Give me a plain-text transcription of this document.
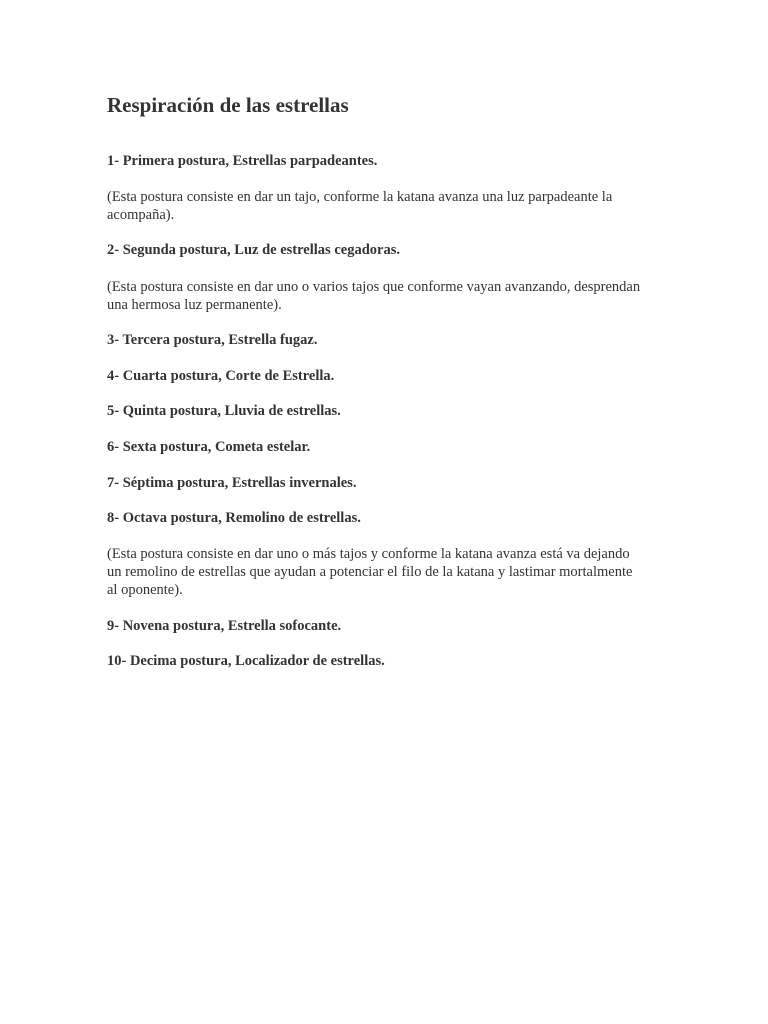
Respiración de las estrellas

1- Primera postura, Estrellas parpadeantes.

(Esta postura consiste en dar un tajo, conforme la katana avanza una luz parpadeante la
acompaña).

2- Segunda postura, Luz de estrellas cegadoras.

(Esta postura consiste en dar uno o varios tajos que conforme vayan avanzando, desprendan
una hermosa luz permanente).

3- Tercera postura, Estrella fugaz.

4- Cuarta postura, Corte de Estrella.

5- Quinta postura, Lluvia de estrellas.

6- Sexta postura, Cometa estelar.

7- Séptima postura, Estrellas invernales.

8- Octava postura, Remolino de estrellas.

(Esta postura consiste en dar uno o más tajos y conforme la katana avanza está va dejando
un remolino de estrellas que ayudan a potenciar el filo de la katana y lastimar mortalmente
al oponente).

9- Novena postura, Estrella sofocante.

10- Decima postura, Localizador de estrellas.
